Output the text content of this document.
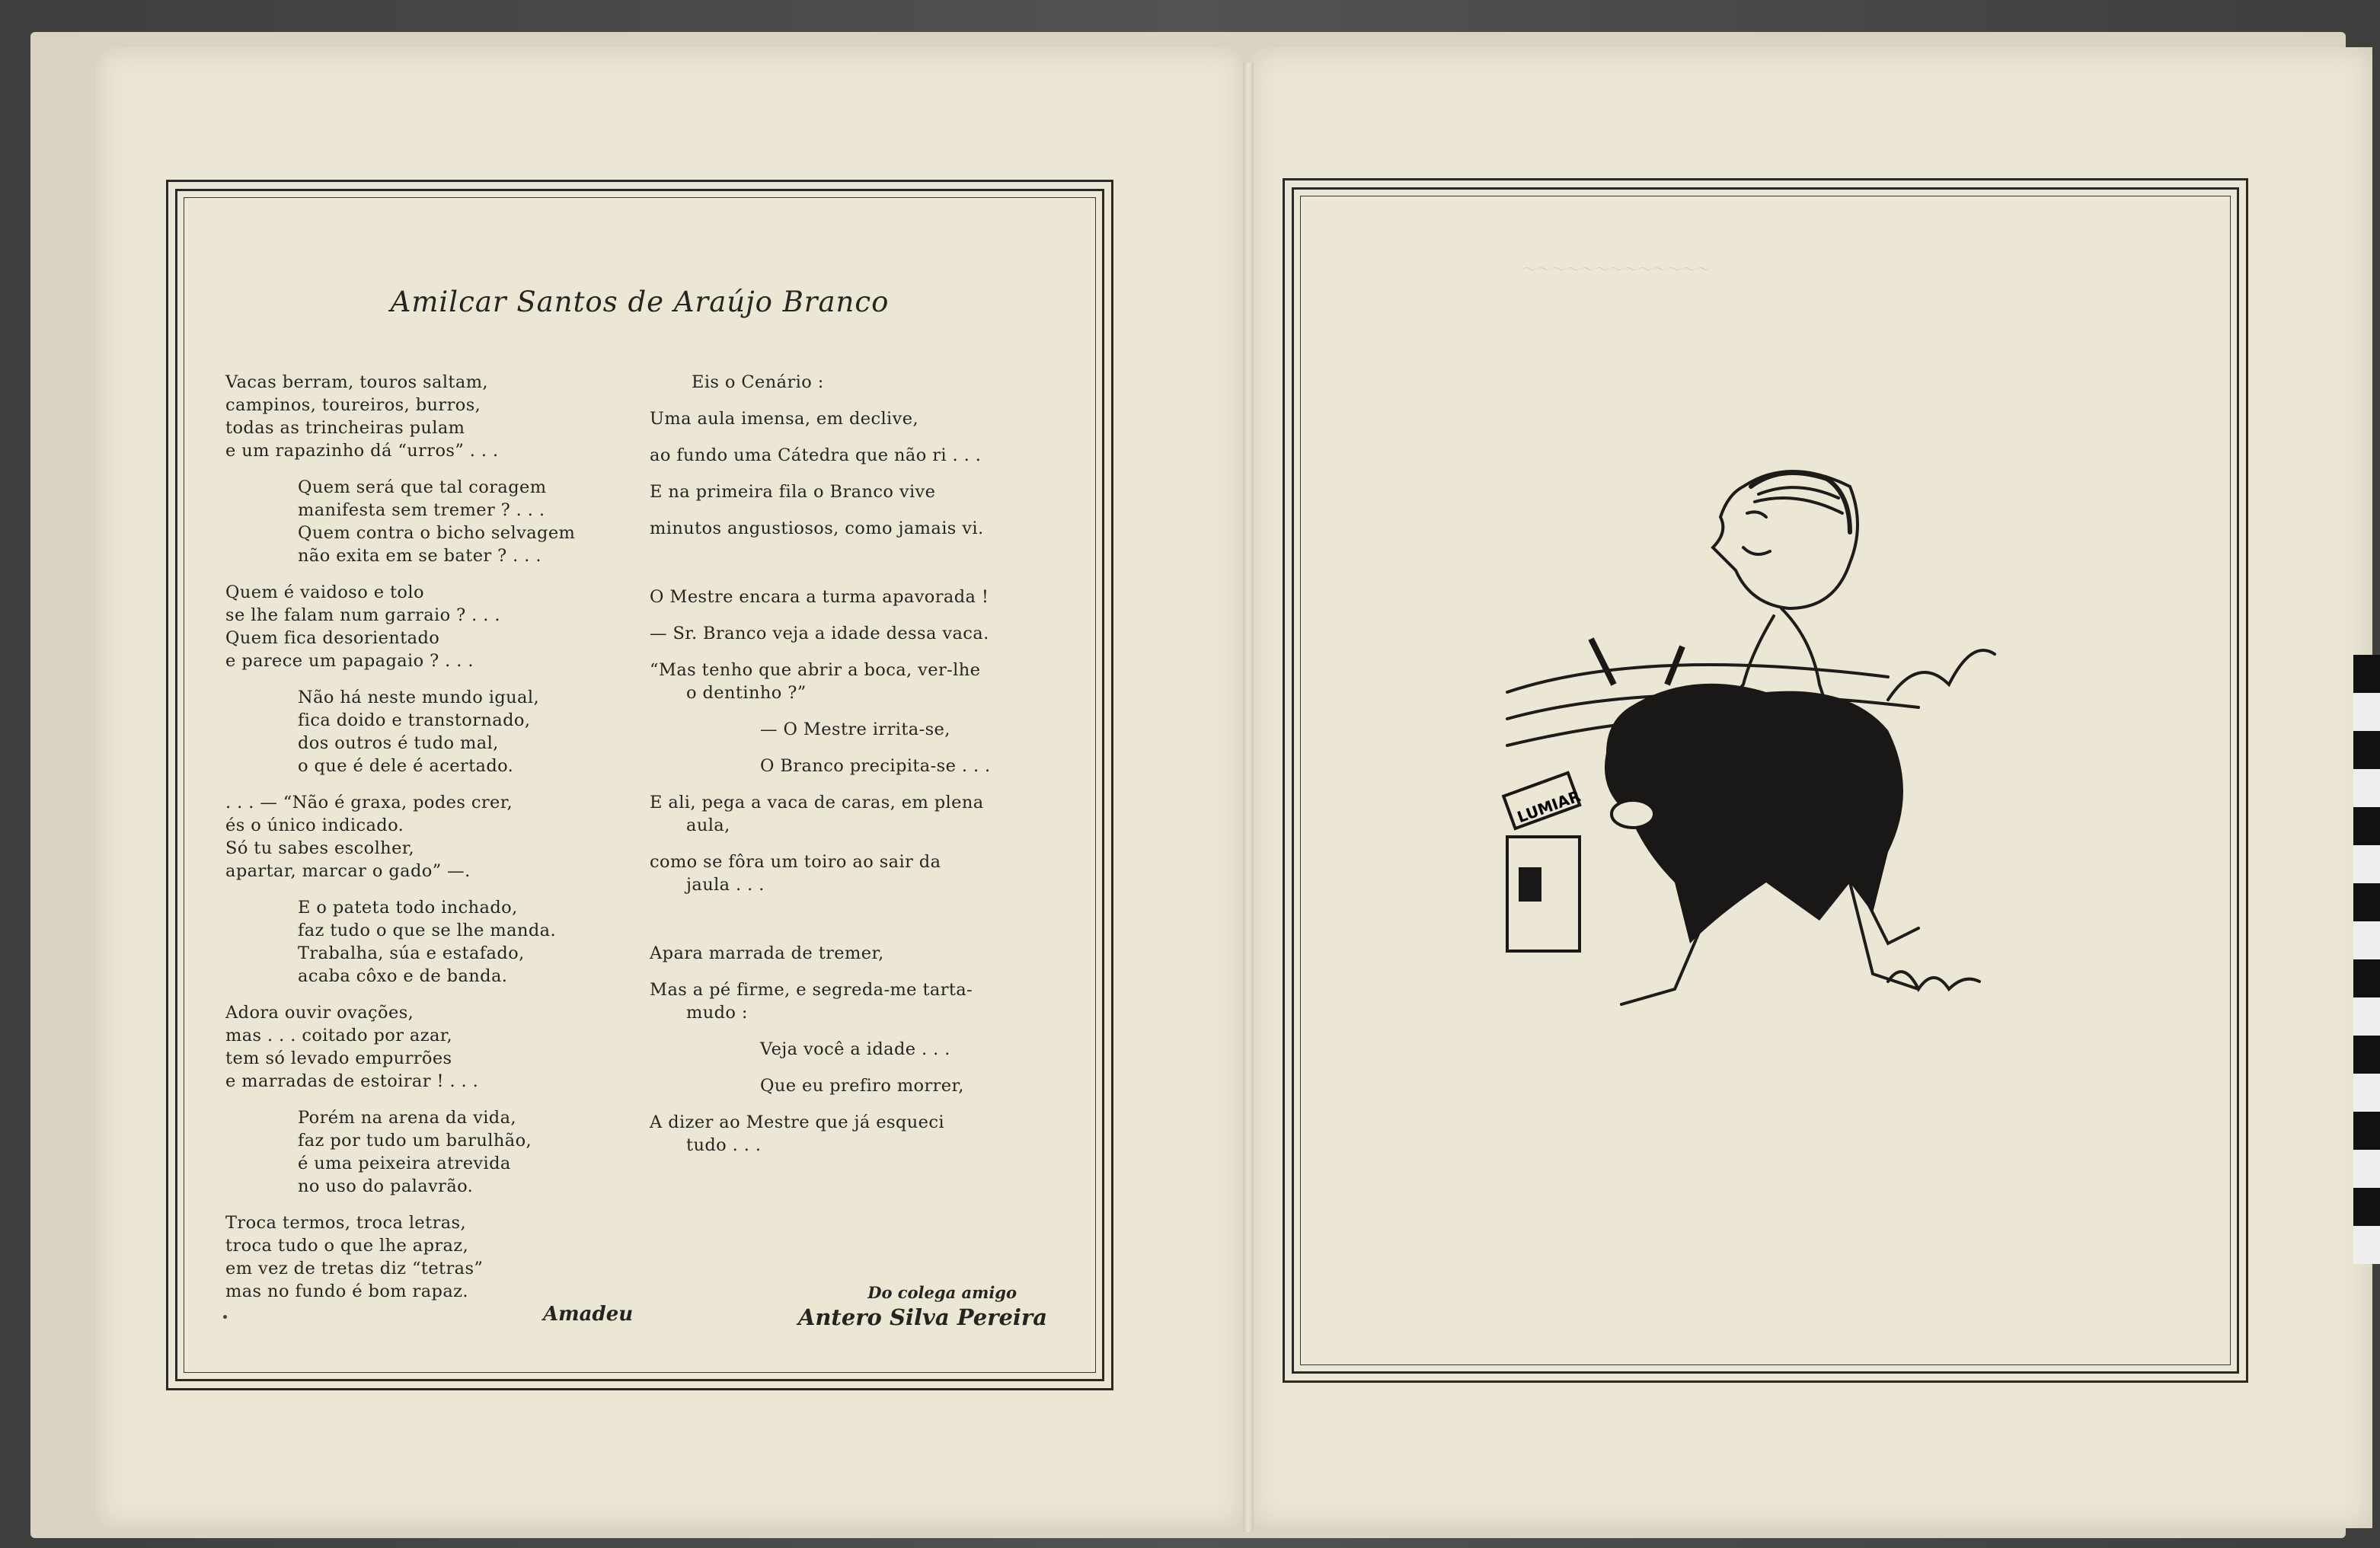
Amilcar Santos de Araújo Branco
Vacas berram, touros saltam,
campinos, toureiros, burros,
todas as trincheiras pulam
e um rapazinho dá “urros” . . .
Quem será que tal coragem
manifesta sem tremer ? . . .
Quem contra o bicho selvagem
não exita em se bater ? . . .
Quem é vaidoso e tolo
se lhe falam num garraio ? . . .
Quem fica desorientado
e parece um papagaio ? . . .
Não há neste mundo igual,
fica doido e transtornado,
dos outros é tudo mal,
o que é dele é acertado.
. . . — “Não é graxa, podes crer,
és o único indicado.
Só tu sabes escolher,
apartar, marcar o gado” —.
E o pateta todo inchado,
faz tudo o que se lhe manda.
Trabalha, súa e estafado,
acaba côxo e de banda.
Adora ouvir ovações,
mas . . . coitado por azar,
tem só levado empurrões
e marradas de estoirar ! . . .
Porém na arena da vida,
faz por tudo um barulhão,
é uma peixeira atrevida
no uso do palavrão.
Troca termos, troca letras,
troca tudo o que lhe apraz,
em vez de tretas diz “tetras”
mas no fundo é bom rapaz.
Eis o Cenário :
Uma aula imensa, em declive,
ao fundo uma Cátedra que não ri . . .
E na primeira fila o Branco vive
minutos angustiosos, como jamais vi.
O Mestre encara a turma apavorada !
— Sr. Branco veja a idade dessa vaca.
“Mas tenho que abrir a boca, ver-lhe
o dentinho ?”
— O Mestre irrita-se,
O Branco precipita-se . . .
E ali, pega a vaca de caras, em plena
aula,
como se fôra um toiro ao sair da
jaula . . .
Apara marrada de tremer,
Mas a pé firme, e segreda-me tarta-
mudo :
Veja você a idade . . .
Que eu prefiro morrer,
A dizer ao Mestre que já esqueci
tudo . . .
Amadeu
Do colega amigo
Antero Silva Pereira
LUMIAR
～～～～～～～～～～～～～
